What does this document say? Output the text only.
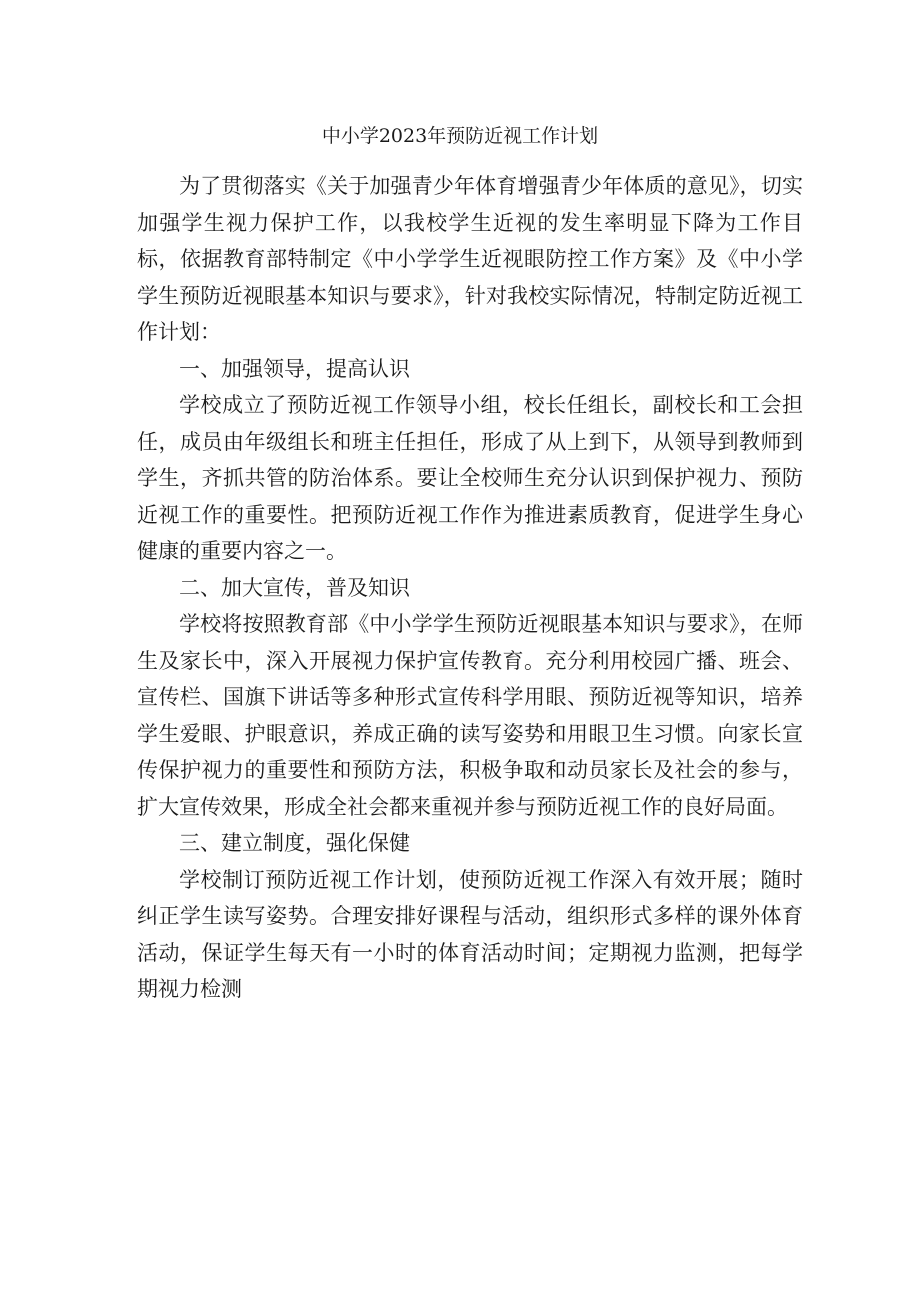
中小学2023年预防近视工作计划

为了贯彻落实《关于加强青少年体育增强青少年体质的意见》，切实加强学生视力保护工作，以我校学生近视的发生率明显下降为工作目标，依据教育部特制定《中小学学生近视眼防控工作方案》及《中小学学生预防近视眼基本知识与要求》，针对我校实际情况，特制定防近视工作计划：

一、加强领导，提高认识

学校成立了预防近视工作领导小组，校长任组长，副校长和工会担任，成员由年级组长和班主任担任，形成了从上到下，从领导到教师到学生，齐抓共管的防治体系。要让全校师生充分认识到保护视力、预防近视工作的重要性。把预防近视工作作为推进素质教育，促进学生身心健康的重要内容之一。

二、加大宣传，普及知识

学校将按照教育部《中小学学生预防近视眼基本知识与要求》，在师生及家长中，深入开展视力保护宣传教育。充分利用校园广播、班会、宣传栏、国旗下讲话等多种形式宣传科学用眼、预防近视等知识，培养学生爱眼、护眼意识，养成正确的读写姿势和用眼卫生习惯。向家长宣传保护视力的重要性和预防方法，积极争取和动员家长及社会的参与，扩大宣传效果，形成全社会都来重视并参与预防近视工作的良好局面。

三、建立制度，强化保健

学校制订预防近视工作计划，使预防近视工作深入有效开展；随时纠正学生读写姿势。合理安排好课程与活动，组织形式多样的课外体育活动，保证学生每天有一小时的体育活动时间；定期视力监测，把每学期视力检测
